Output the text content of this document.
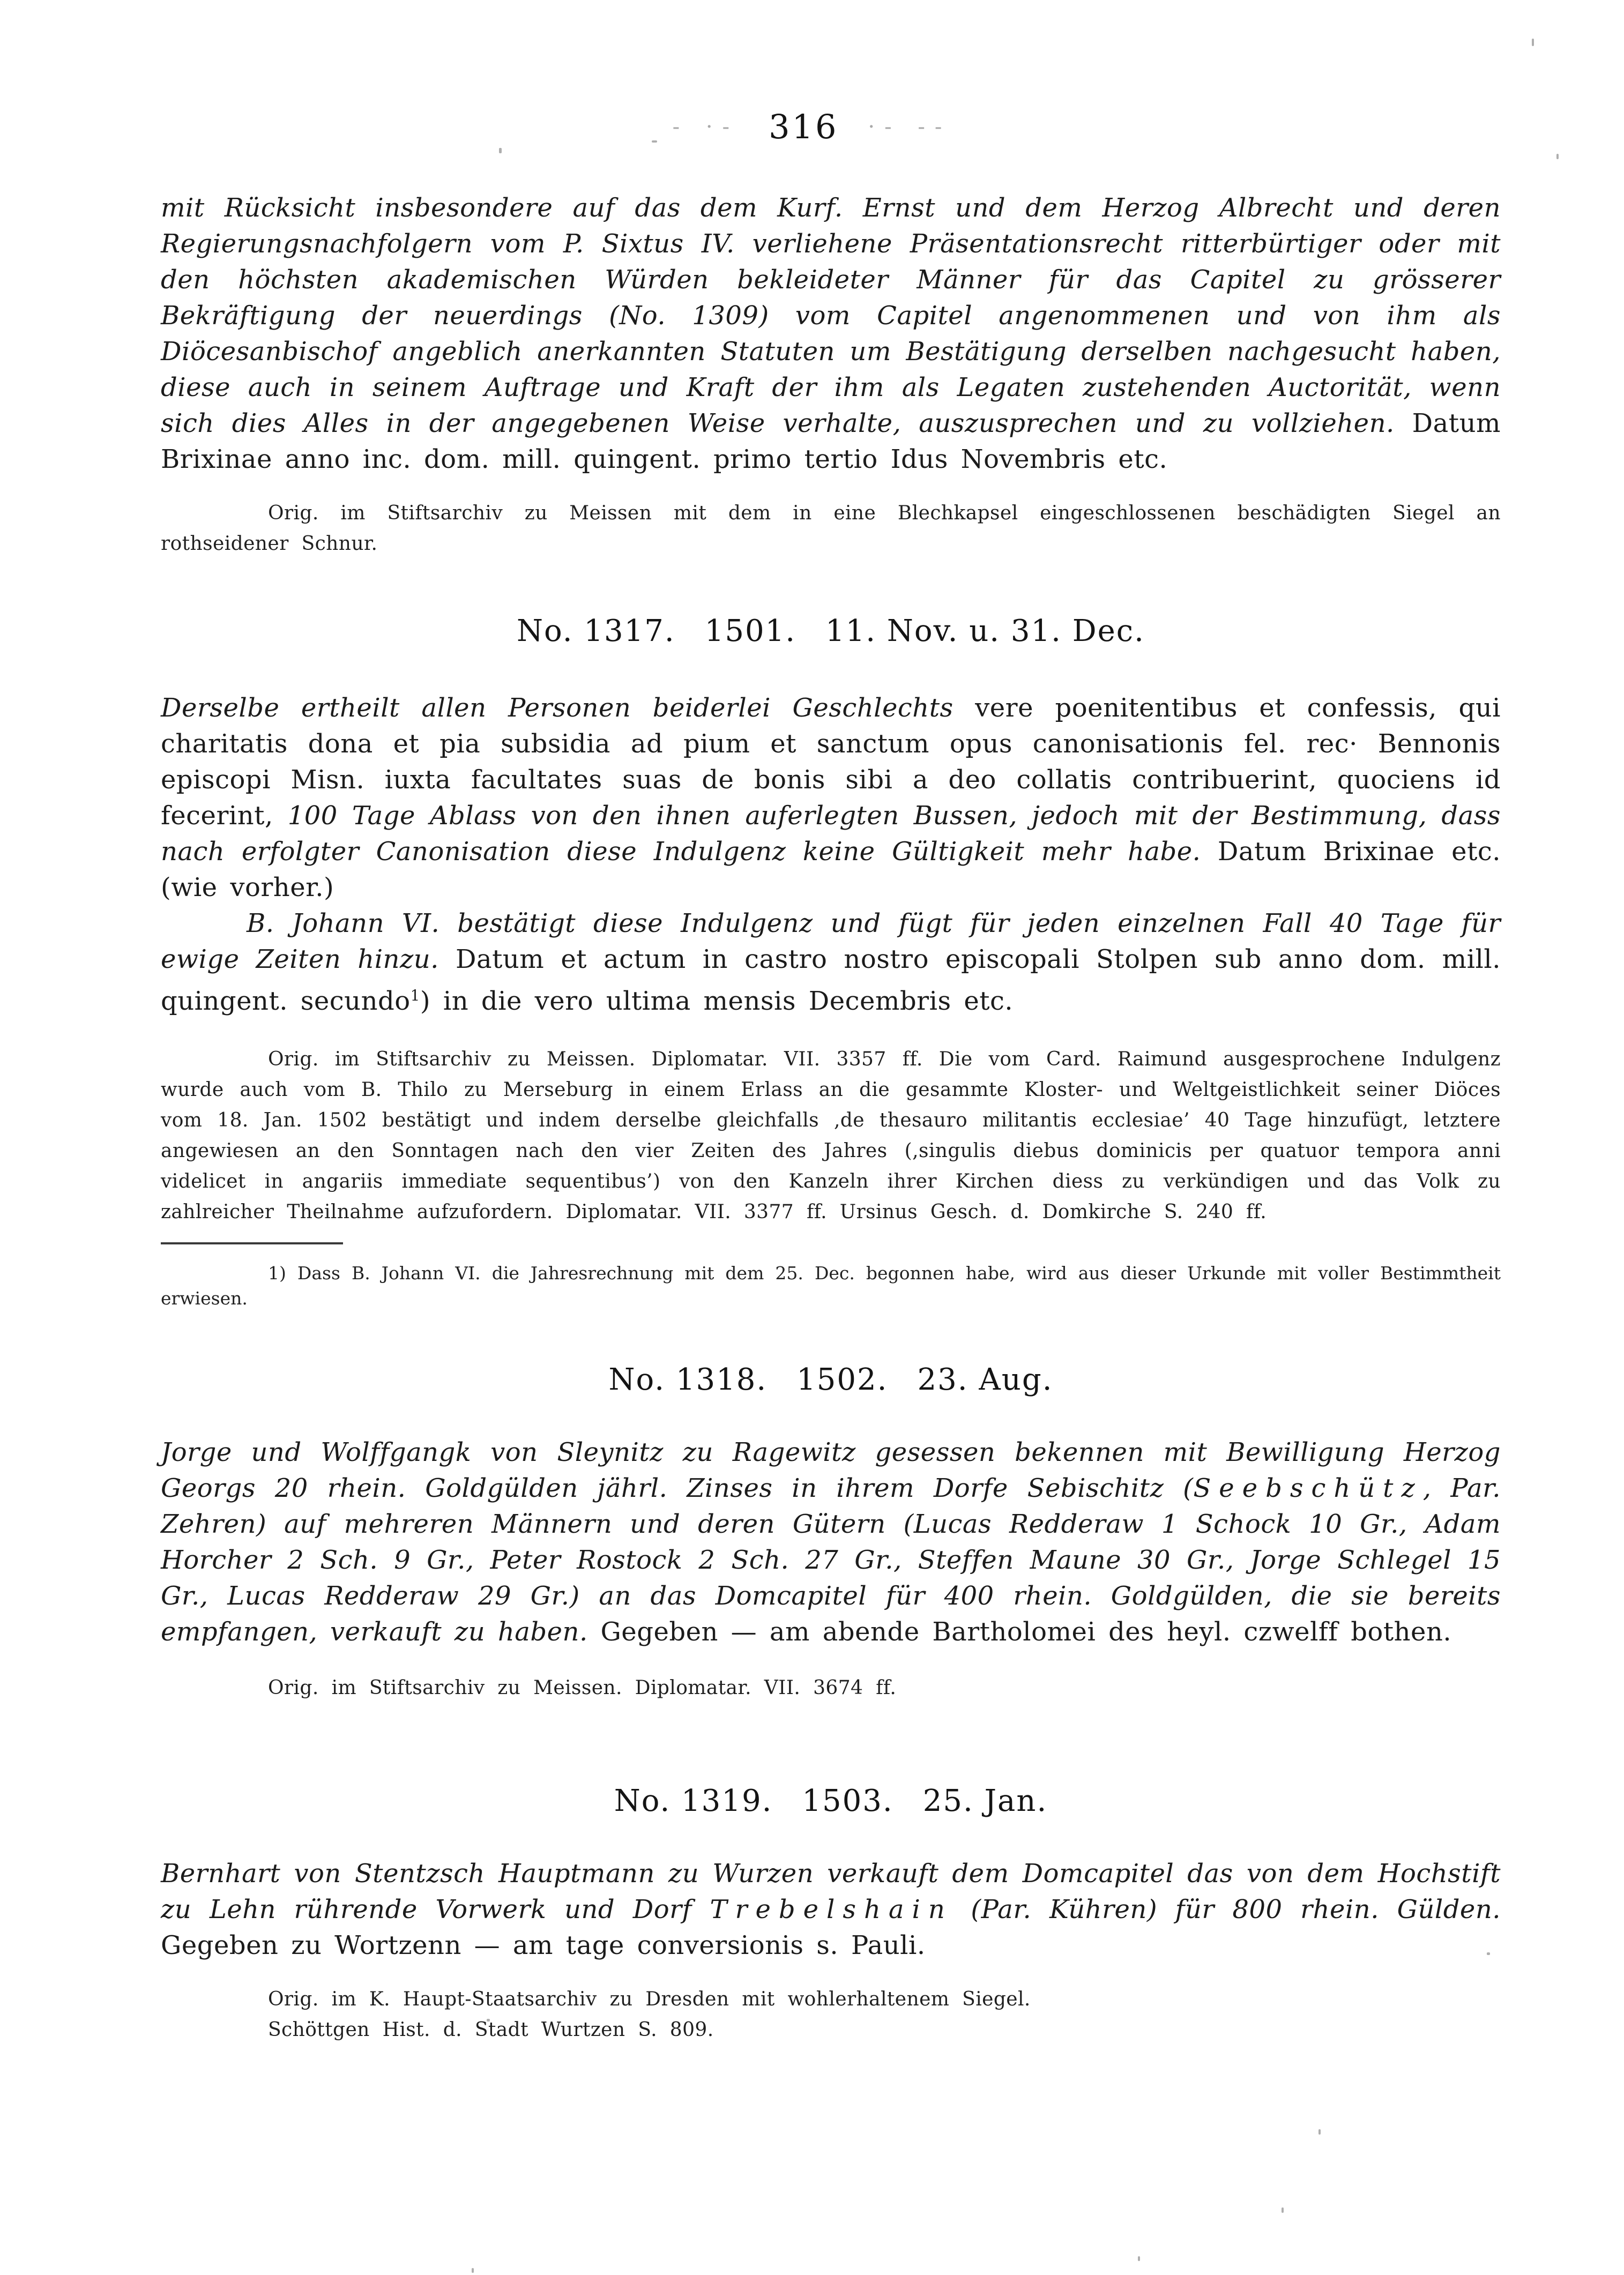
‐ ·‐ 316 ·‐ ‑‐

mit Rücksicht insbesondere auf das dem Kurf. Ernst und dem Herzog Albrecht und deren Regierungsnachfolgern vom P. Sixtus IV. verliehene Präsentationsrecht ritterbürtiger oder mit den höchsten akademischen Würden bekleideter Männer für das Capitel zu grösserer Bekräftigung der neuerdings (No. 1309) vom Capitel angenommenen und von ihm als Diöcesanbischof angeblich anerkannten Statuten um Bestätigung derselben nachgesucht haben, diese auch in seinem Auftrage und Kraft der ihm als Legaten zustehenden Auctorität, wenn sich dies Alles in der angegebenen Weise verhalte, auszusprechen und zu vollziehen. Datum Brixinae anno inc. dom. mill. quingent. primo tertio Idus Novembris etc.

Orig. im Stiftsarchiv zu Meissen mit dem in eine Blechkapsel eingeschlossenen beschädigten Siegel an rothseidener Schnur.

No. 1317. 1501. 11. Nov. u. 31. Dec.

Derselbe ertheilt allen Personen beiderlei Geschlechts vere poenitentibus et confessis, qui charitatis dona et pia subsidia ad pium et sanctum opus canonisationis fel. rec· Bennonis episcopi Misn. iuxta facultates suas de bonis sibi a deo collatis contribuerint, quociens id fecerint, 100 Tage Ablass von den ihnen auferlegten Bussen, jedoch mit der Bestimmung, dass nach erfolgter Canonisation diese Indulgenz keine Gültigkeit mehr habe. Datum Brixinae etc. (wie vorher.)

B. Johann VI. bestätigt diese Indulgenz und fügt für jeden einzelnen Fall 40 Tage für ewige Zeiten hinzu. Datum et actum in castro nostro episcopali Stolpen sub anno dom. mill. quingent. secundo$^1$) in die vero ultima mensis Decembris etc.

Orig. im Stiftsarchiv zu Meissen. Diplomatar. VII. 3357 ff. Die vom Card. Raimund ausgesprochene Indulgenz wurde auch vom B. Thilo zu Merseburg in einem Erlass an die gesammte Kloster- und Weltgeistlichkeit seiner Diöces vom 18. Jan. 1502 bestätigt und indem derselbe gleichfalls ,de thesauro militantis ecclesiae’ 40 Tage hinzufügt, letztere angewiesen an den Sonntagen nach den vier Zeiten des Jahres (,singulis diebus dominicis per quatuor tempora anni videlicet in angariis immediate sequentibus’) von den Kanzeln ihrer Kirchen diess zu verkündigen und das Volk zu zahlreicher Theilnahme aufzufordern. Diplomatar. VII. 3377 ff. Ursinus Gesch. d. Domkirche S. 240 ff.

1) Dass B. Johann VI. die Jahresrechnung mit dem 25. Dec. begonnen habe, wird aus dieser Urkunde mit voller Bestimmtheit erwiesen.

No. 1318. 1502. 23. Aug.

Jorge und Wolffgangk von Sleynitz zu Ragewitz gesessen bekennen mit Bewilligung Herzog Georgs 20 rhein. Goldgülden jährl. Zinses in ihrem Dorfe Sebischitz (Seebschütz, Par. Zehren) auf mehreren Männern und deren Gütern (Lucas Redderaw 1 Schock 10 Gr., Adam Horcher 2 Sch. 9 Gr., Peter Rostock 2 Sch. 27 Gr., Steffen Maune 30 Gr., Jorge Schlegel 15 Gr., Lucas Redderaw 29 Gr.) an das Domcapitel für 400 rhein. Goldgülden, die sie bereits empfangen, verkauft zu haben. Gegeben — am abende Bartholomei des heyl. czwelff bothen.

Orig. im Stiftsarchiv zu Meissen. Diplomatar. VII. 3674 ff.

No. 1319. 1503. 25. Jan.

Bernhart von Stentzsch Hauptmann zu Wurzen verkauft dem Domcapitel das von dem Hochstift zu Lehn rührende Vorwerk und Dorf Trebelshain (Par. Kühren) für 800 rhein. Gülden. Gegeben zu Wortzenn — am tage conversionis s. Pauli.

Orig. im K. Haupt-Staatsarchiv zu Dresden mit wohlerhaltenem Siegel.

Schöttgen Hist. d. Stadt Wurtzen S. 809.
